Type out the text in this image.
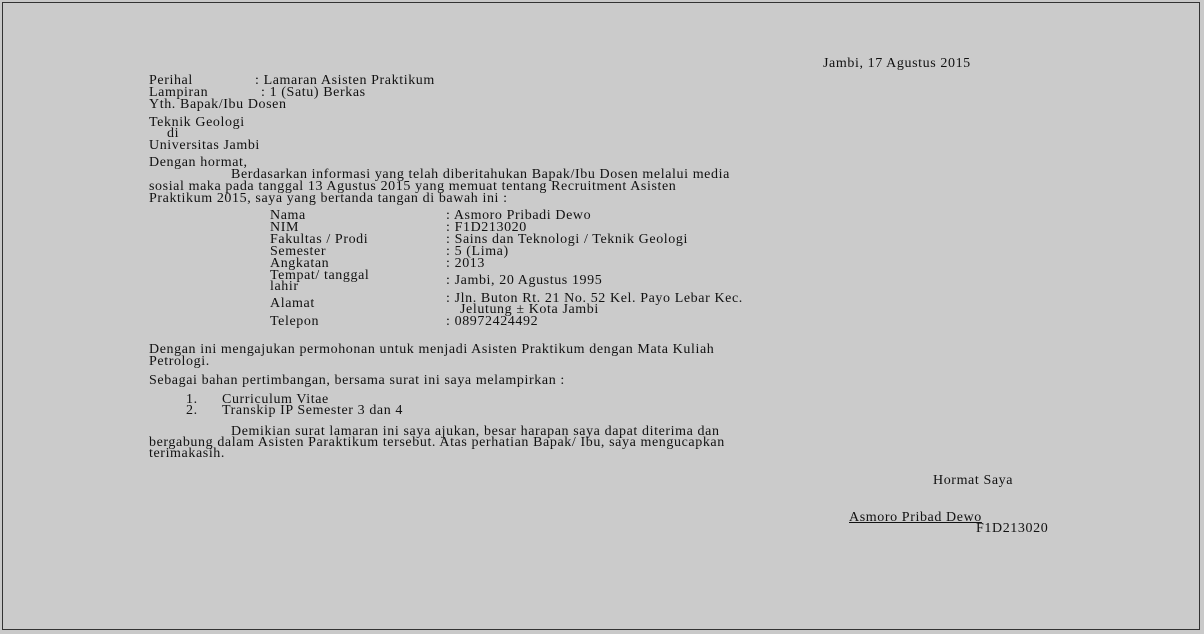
Jambi, 17 Agustus 2015
Perihal	: Lamaran Asisten Praktikum
Lampiran	: 1 (Satu) Berkas
Yth. Bapak/Ibu Dosen
Teknik Geologi
di
Universitas Jambi
Dengan hormat,
Berdasarkan informasi yang telah diberitahukan Bapak/Ibu Dosen melalui media
sosial maka pada tanggal 13 Agustus 2015 yang memuat tentang Recruitment Asisten
Praktikum 2015, saya yang bertanda tangan di bawah ini :
Nama	: Asmoro Pribadi Dewo
NIM	: F1D213020
Fakultas / Prodi	: Sains dan Teknologi / Teknik Geologi
Semester	: 5 (Lima)
Angkatan	: 2013
Tempat/ tanggal
lahir	: Jambi, 20 Agustus 1995
Alamat	: Jln. Buton Rt. 21 No. 52 Kel. Payo Lebar Kec.
Jelutung ± Kota Jambi
Telepon	: 08972424492
Dengan ini mengajukan permohonan untuk menjadi Asisten Praktikum dengan Mata Kuliah
Petrologi.
Sebagai bahan pertimbangan, bersama surat ini saya melampirkan :
1. Curriculum Vitae
2. Transkip IP Semester 3 dan 4
Demikian surat lamaran ini saya ajukan, besar harapan saya dapat diterima dan
bergabung dalam Asisten Paraktikum tersebut. Atas perhatian Bapak/ Ibu, saya mengucapkan
terimakasih.
Hormat Saya
Asmoro Pribad Dewo
F1D213020
